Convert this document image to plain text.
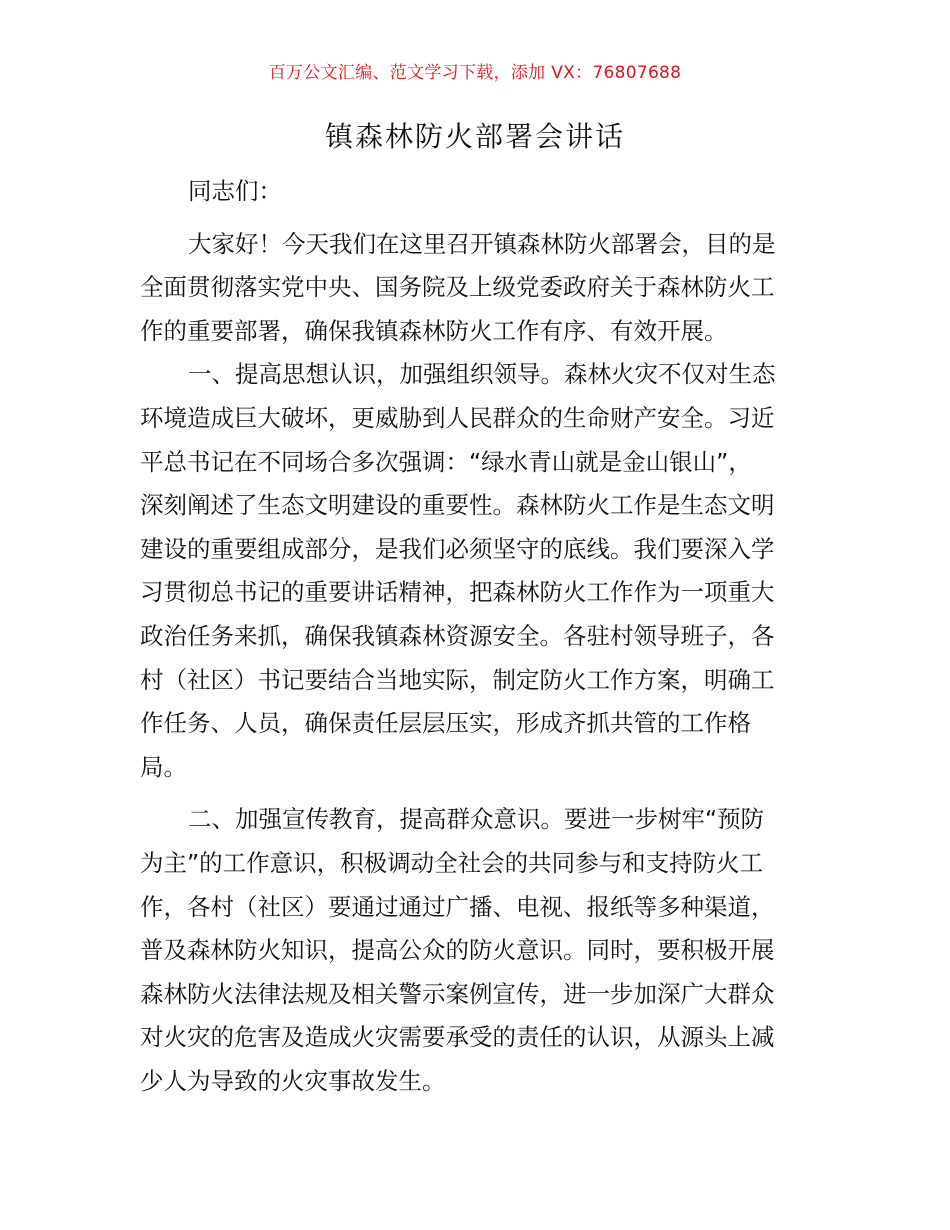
百万公文汇编、范文学习下载，添加 VX：76807688
镇森林防火部署会讲话
同志们：
大家好！今天我们在这里召开镇森林防火部署会，目的是
全面贯彻落实党中央、国务院及上级党委政府关于森林防火工
作的重要部署，确保我镇森林防火工作有序、有效开展。
一、提高思想认识，加强组织领导。森林火灾不仅对生态
环境造成巨大破坏，更威胁到人民群众的生命财产安全。习近
平总书记在不同场合多次强调：“绿水青山就是金山银山”，
深刻阐述了生态文明建设的重要性。森林防火工作是生态文明
建设的重要组成部分，是我们必须坚守的底线。我们要深入学
习贯彻总书记的重要讲话精神，把森林防火工作作为一项重大
政治任务来抓，确保我镇森林资源安全。各驻村领导班子，各
村（社区）书记要结合当地实际，制定防火工作方案，明确工
作任务、人员，确保责任层层压实，形成齐抓共管的工作格
局。
二、加强宣传教育，提高群众意识。要进一步树牢“预防
为主”的工作意识，积极调动全社会的共同参与和支持防火工
作，各村（社区）要通过通过广播、电视、报纸等多种渠道，
普及森林防火知识，提高公众的防火意识。同时，要积极开展
森林防火法律法规及相关警示案例宣传，进一步加深广大群众
对火灾的危害及造成火灾需要承受的责任的认识，从源头上减
少人为导致的火灾事故发生。
